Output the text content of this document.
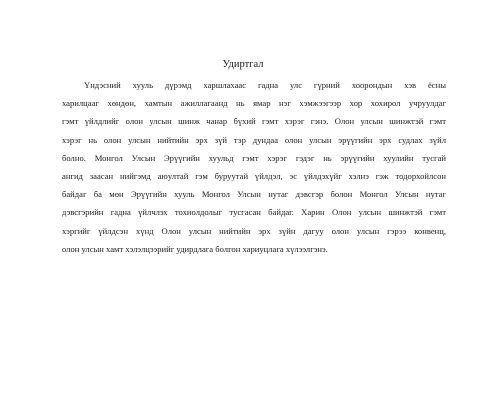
Удиртгал
Үндэсний хууль дүрэмд харшлахаас гадна улс гүрний хоорондын хэв ёсны
харилцааг хөндөн, хамтын ажиллагаанд нь ямар нэг хэмжээгээр хор хохирол учруулдаг
гэмт үйлдлийг олон улсын шинж чанар бүхий гэмт хэрэг гэнэ. Олон улсын шинжтэй гэмт
хэрэг нь олон улсын нийтийн эрх зүй тэр дундаа олон улсын эрүүгийн эрх судлах зүйл
болно. Монгол Улсын Эрүүгийн хуульд гэмт хэрэг гэдэг нь эрүүгийн хуулийн тусгай
ангид заасан нийгэмд аюултай гэм буруутай үйлдэл, эс үйлдэхүйг хэлнэ гэж тодорхойлсон
байдаг ба мөн Эрүүгийн хууль Монгол Улсын нутаг дэвсгэр болон Монгол Улсын нутаг
дэвсгэрийн гадна үйлчлэх тохиолдолыг тусгасан байдаг. Харин Олон улсын шинжтэй гэмт
хэргийг үйлдсэн хүнд Олон улсын нийтийн эрх зүйн дагуу олон улсын гэрээ конвенц,
олон улсын хамт хэлэлцээрийг удирдлага болгон хариуцлага хүлээлгэнэ.
